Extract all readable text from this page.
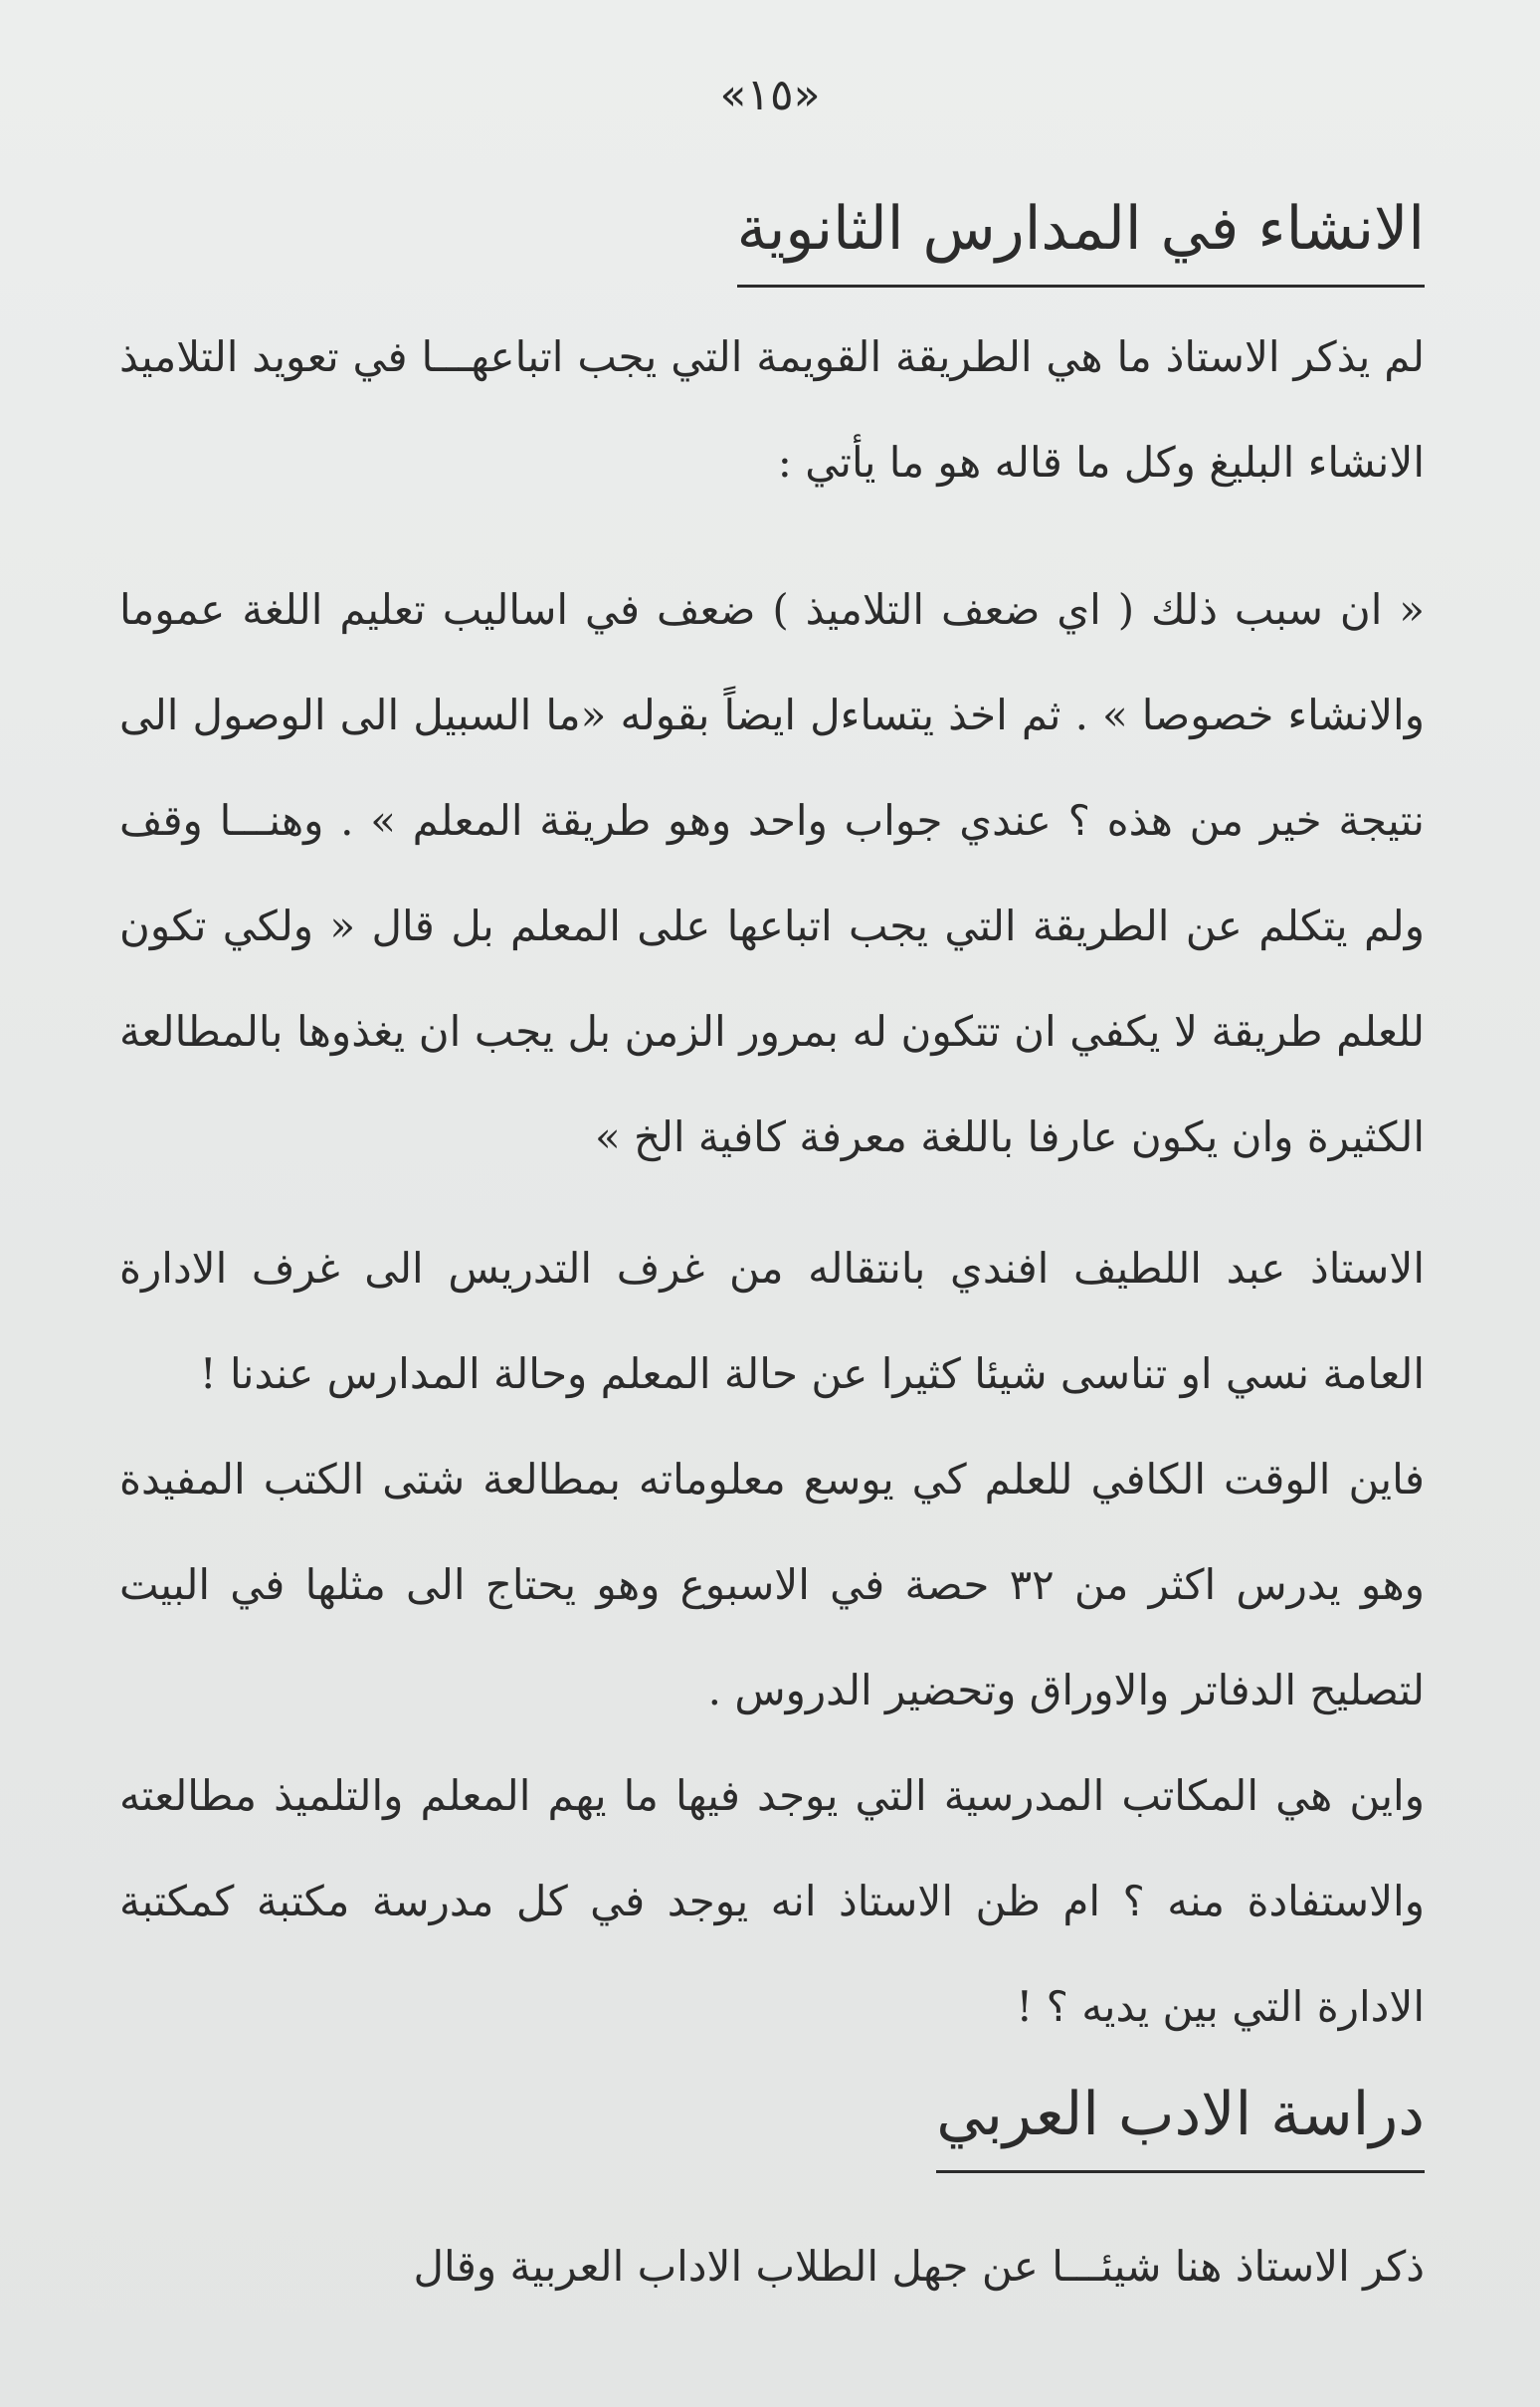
«١٥»
الانشاء في المدارس الثانوية

لم يذكر الاستاذ ما هي الطريقة القويمة التي يجب اتباعهـــا في تعويد التلاميذ الانشاء البليغ وكل ما قاله هو ما يأتي :

« ان سبب ذلك ( اي ضعف التلاميذ ) ضعف في اساليب تعليم اللغة عموما والانشاء خصوصا » . ثم اخذ يتساءل ايضاً بقوله «ما السبيل الى الوصول الى نتيجة خير من هذه ؟ عندي جواب واحد وهو طريقة المعلم » . وهنـــا وقف ولم يتكلم عن الطريقة التي يجب اتباعها على المعلم بل قال « ولكي تكون للعلم طريقة لا يكفي ان تتكون له بمرور الزمن بل يجب ان يغذوها بالمطالعة الكثيرة وان يكون عارفا باللغة معرفة كافية الخ »

الاستاذ عبد اللطيف افندي بانتقاله من غرف التدريس الى غرف الادارة العامة نسي او تناسى شيئا كثيرا عن حالة المعلم وحالة المدارس عندنا !

فاين الوقت الكافي للعلم كي يوسع معلوماته بمطالعة شتى الكتب المفيدة وهو يدرس اكثر من ٣٢ حصة في الاسبوع وهو يحتاج الى مثلها في البيت لتصليح الدفاتر والاوراق وتحضير الدروس .

واين هي المكاتب المدرسية التي يوجد فيها ما يهم المعلم والتلميذ مطالعته والاستفادة منه ؟ ام ظن الاستاذ انه يوجد في كل مدرسة مكتبة كمكتبة الادارة التي بين يديه ؟ !

دراسة الادب العربي

ذكر الاستاذ هنا شيئـــا عن جهل الطلاب الاداب العربية وقال
